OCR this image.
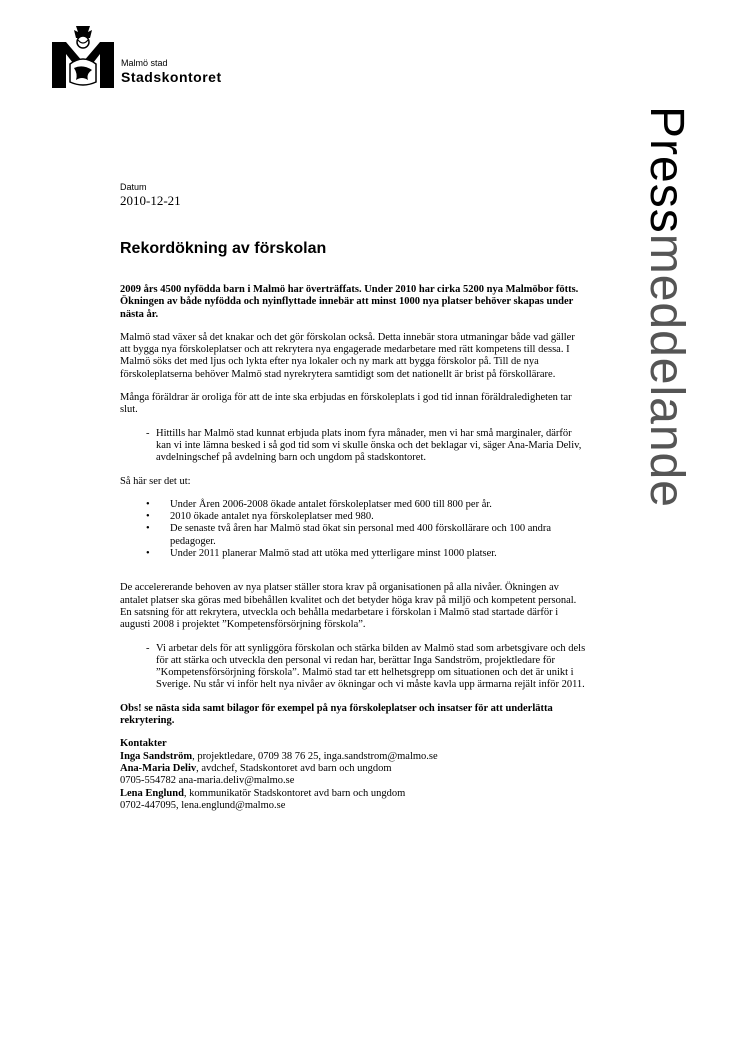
Malmö stad
Stadskontoret
Pressmeddelande
Datum
2010-12-21
Rekordökning av förskolan

2009 års 4500 nyfödda barn i Malmö har överträffats. Under 2010 har cirka 5200 nya Malmöbor fötts. Ökningen av både nyfödda och nyinflyttade innebär att minst 1000 nya platser behöver skapas under nästa år.

Malmö stad växer så det knakar och det gör förskolan också. Detta innebär stora utmaningar både vad gäller att bygga nya förskoleplatser och att rekrytera nya engagerade medarbetare med rätt kompetens till dessa. I Malmö söks det med ljus och lykta efter nya lokaler och ny mark att bygga förskolor på. Till de nya förskoleplatserna behöver Malmö stad nyrekrytera samtidigt som det nationellt är brist på förskollärare.

Många föräldrar är oroliga för att de inte ska erbjudas en förskoleplats i god tid innan föräldraledigheten tar slut.

- Hittills har Malmö stad kunnat erbjuda plats inom fyra månader, men vi har små marginaler, därför kan vi inte lämna besked i så god tid som vi skulle önska och det beklagar vi, säger Ana-Maria Deliv, avdelningschef på avdelning barn och ungdom på stadskontoret.

Så här ser det ut:

• Under Åren 2006-2008 ökade antalet förskoleplatser med 600 till 800 per år.
• 2010 ökade antalet nya förskoleplatser med 980.
• De senaste två åren har Malmö stad ökat sin personal med 400 förskollärare och 100 andra pedagoger.
• Under 2011 planerar Malmö stad att utöka med ytterligare minst 1000 platser.

De accelererande behoven av nya platser ställer stora krav på organisationen på alla nivåer. Ökningen av antalet platser ska göras med bibehållen kvalitet och det betyder höga krav på miljö och kompetent personal. En satsning för att rekrytera, utveckla och behålla medarbetare i förskolan i Malmö stad startade därför i augusti 2008 i projektet ”Kompetensförsörjning förskola”.

- Vi arbetar dels för att synliggöra förskolan och stärka bilden av Malmö stad som arbetsgivare och dels för att stärka och utveckla den personal vi redan har, berättar Inga Sandström, projektledare för ”Kompetensförsörjning förskola”. Malmö stad tar ett helhetsgrepp om situationen och det är unikt i Sverige. Nu står vi inför helt nya nivåer av ökningar och vi måste kavla upp ärmarna rejält inför 2011.

Obs! se nästa sida samt bilagor för exempel på nya förskoleplatser och insatser för att underlätta rekrytering.

Kontakter
Inga Sandström, projektledare, 0709 38 76 25, inga.sandstrom@malmo.se
Ana-Maria Deliv, avdchef, Stadskontoret avd barn och ungdom
0705-554782 ana-maria.deliv@malmo.se
Lena Englund, kommunikatör Stadskontoret avd barn och ungdom
0702-447095, lena.englund@malmo.se
